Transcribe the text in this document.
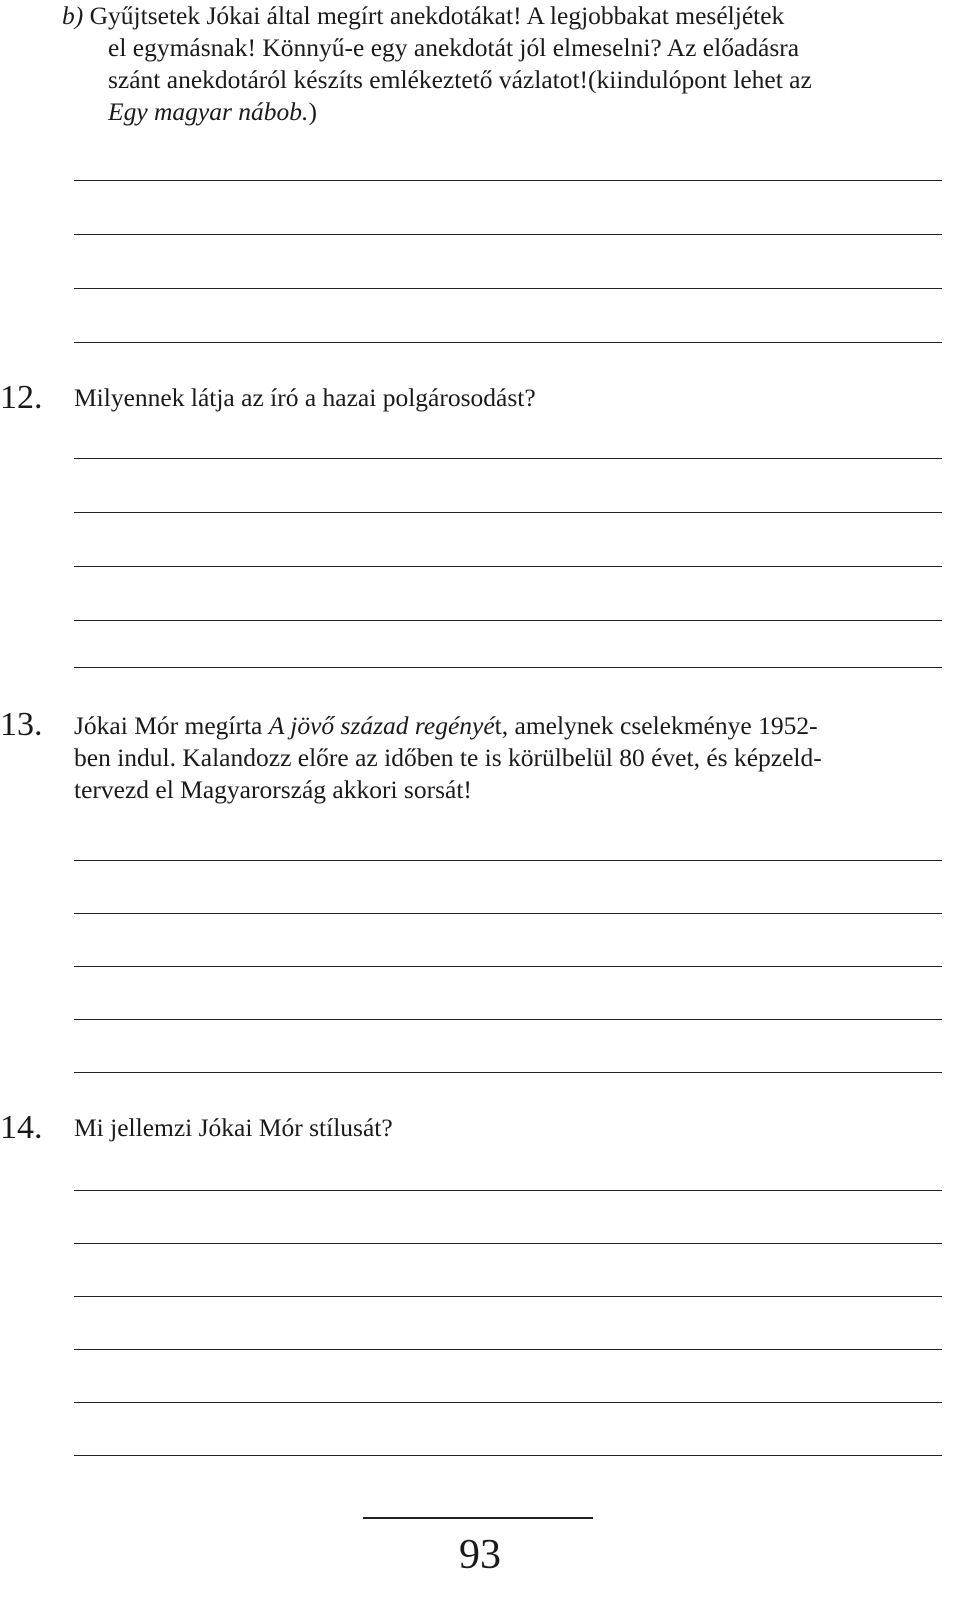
b) Gyűjtsetek Jókai által megírt anekdotákat! A legjobbakat meséljétek
el egymásnak! Könnyű-e egy anekdotát jól elmeselni? Az előadásra
szánt anekdotáról készíts emlékeztető vázlatot!(kiindulópont lehet az
Egy magyar nábob.)
12. Milyennek látja az író a hazai polgárosodást?
13. Jókai Mór megírta A jövő század regényét, amelynek cselekménye 1952-
ben indul. Kalandozz előre az időben te is körülbelül 80 évet, és képzeld-
tervezd el Magyarország akkori sorsát!
14. Mi jellemzi Jókai Mór stílusát?
93
